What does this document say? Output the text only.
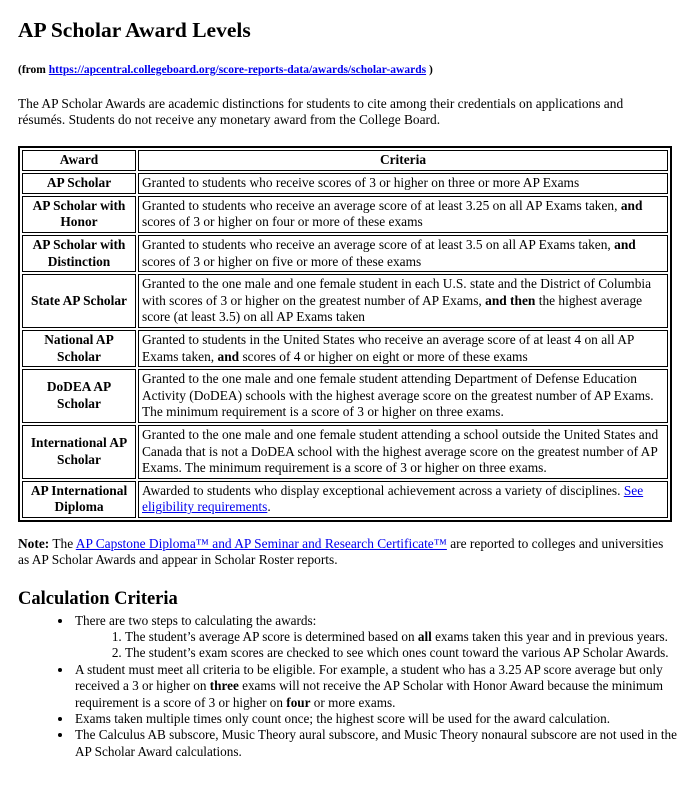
AP Scholar Award Levels
(from https://apcentral.collegeboard.org/score-reports-data/awards/scholar-awards )

The AP Scholar Awards are academic distinctions for students to cite among their credentials on applications and résumés. Students do not receive any monetary award from the College Board.

Award	Criteria
AP Scholar	Granted to students who receive scores of 3 or higher on three or more AP Exams
AP Scholar with Honor	Granted to students who receive an average score of at least 3.25 on all AP Exams taken, and scores of 3 or higher on four or more of these exams
AP Scholar with Distinction	Granted to students who receive an average score of at least 3.5 on all AP Exams taken, and scores of 3 or higher on five or more of these exams
State AP Scholar	Granted to the one male and one female student in each U.S. state and the District of Columbia with scores of 3 or higher on the greatest number of AP Exams, and then the highest average score (at least 3.5) on all AP Exams taken
National AP Scholar	Granted to students in the United States who receive an average score of at least 4 on all AP Exams taken, and scores of 4 or higher on eight or more of these exams
DoDEA AP Scholar	Granted to the one male and one female student attending Department of Defense Education Activity (DoDEA) schools with the highest average score on the greatest number of AP Exams. The minimum requirement is a score of 3 or higher on three exams.
International AP Scholar	Granted to the one male and one female student attending a school outside the United States and Canada that is not a DoDEA school with the highest average score on the greatest number of AP Exams. The minimum requirement is a score of 3 or higher on three exams.
AP International Diploma	Awarded to students who display exceptional achievement across a variety of disciplines. See eligibility requirements.

Note: The AP Capstone Diploma™ and AP Seminar and Research Certificate™ are reported to colleges and universities as AP Scholar Awards and appear in Scholar Roster reports.

Calculation Criteria
• There are two steps to calculating the awards:
1. The student’s average AP score is determined based on all exams taken this year and in previous years.
2. The student’s exam scores are checked to see which ones count toward the various AP Scholar Awards.
• A student must meet all criteria to be eligible. For example, a student who has a 3.25 AP score average but only received a 3 or higher on three exams will not receive the AP Scholar with Honor Award because the minimum requirement is a score of 3 or higher on four or more exams.
• Exams taken multiple times only count once; the highest score will be used for the award calculation.
• The Calculus AB subscore, Music Theory aural subscore, and Music Theory nonaural subscore are not used in the AP Scholar Award calculations.
